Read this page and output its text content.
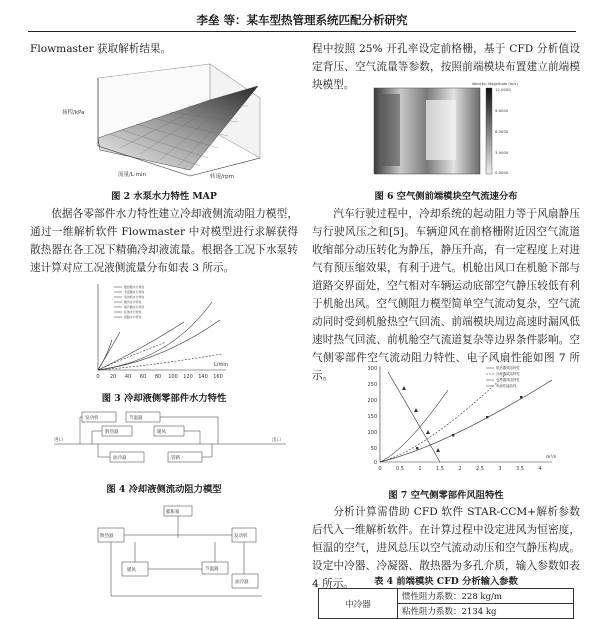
李垒 等：某车型热管理系统匹配分析研究

Flowmaster 获取解析结果。

扬程/kPa
流量/L·min	转速/rpm
图 2 水泵水力特性 MAP

依据各零部件水力特性建立冷却液侧流动阻力模型，通过一维解析软件 Flowmaster 中对模型进行求解获得散热器在各工况下精确冷却液流量。根据各工况下水泵转速计算对应工况液侧流量分布如表 3 所示。

散热器水力特性
节温器水力特性
发动机水力特性
暖风水力特性
油冷器水力特性
缸体水力特性
管路水力特性
0 20 40 60 80 100 120 140 160
L/min
图 3 冷却液侧零部件水力特性
进口	出口
发动机	节温器
散热器	暖风
油冷器	管路
图 4 冷却液侧流动阻力模型
膨胀箱
散热器	发动机
暖风	节温器
油冷器

程中按照 25% 开孔率设定前格栅，基于 CFD 分析值设定背压、空气流量等参数，按照前端模块布置建立前端模块模型。	Velocity: Magnitude (m/s)
12.0000
9.0000
6.0000
3.0000
0.0000
图 6 空气侧前端模块空气流速分布

汽车行驶过程中，冷却系统的起动阻力等于风扇静压与行驶风压之和[5]。车辆迎风在前格栅附近因空气流道收缩部分动压转化为静压，静压升高，有一定程度上对进气有预压缩效果，有利于进气。机舱出风口在机舱下部与道路交界面处，空气相对车辆运动底部空气静压较低有利于机舱出风。空气侧阻力模型简单空气流动复杂，空气流动同时受到机舱热空气回流、前端模块周边高速时漏风低速时热气回流、前机舱空气流道复杂等边界条件影响。空气侧零部件空气流动阻力特性、电子风扇性能如图 7 所示。

300
250
200
150
100
50
0
0	0.5	1	1.5	2	2.5	3	3.5	4
m³/s
散热器风阻特性
冷凝器风阻特性
中冷器风阻特性
风扇性能曲线
图 7 空气侧零部件风阻特性

分析计算需借助 CFD 软件 STAR-CCM+解析参数后代入一维解析软件。在计算过程中设定进风为恒密度，恒温的空气，进风总压以空气流动动压和空气静压构成。设定中冷器、冷凝器、散热器为多孔介质，输入参数如表 4 所示。	表 4 前端模块 CFD 分析输入参数
中冷器	惯性阻力系数：228 kg/m
粘性阻力系数：2134 kg
